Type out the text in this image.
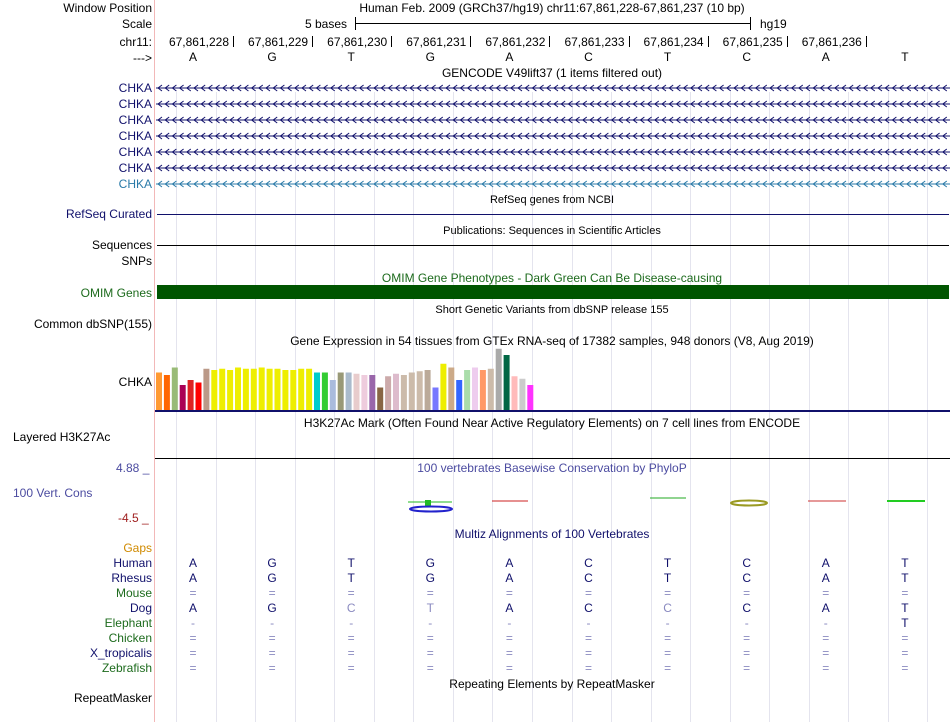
Window Position	Human Feb. 2009 (GRCh37/hg19) chr11:67,861,228-67,861,237 (10 bp)
Scale	5 bases	hg19
chr11: 67,861,228 67,861,229 67,861,230 67,861,231 67,861,232 67,861,233 67,861,234 67,861,235 67,861,236
--->	A	G	T	G	A	C	T	C	A	T
GENCODE V49lift37 (1 items filtered out)
CHKA
CHKA
CHKA
CHKA
CHKA
CHKA
CHKA
RefSeq genes from NCBI
RefSeq Curated
Publications: Sequences in Scientific Articles
Sequences
SNPs
OMIM Gene Phenotypes - Dark Green Can Be Disease-causing
OMIM Genes
Short Genetic Variants from dbSNP release 155
Common dbSNP(155)
Gene Expression in 54 tissues from GTEx RNA-seq of 17382 samples, 948 donors (V8, Aug 2019)
CHKA
H3K27Ac Mark (Often Found Near Active Regulatory Elements) on 7 cell lines from ENCODE
Layered H3K27Ac
100 vertebrates Basewise Conservation by PhyloP
4.88 _
100 Vert. Cons
-4.5 _
Multiz Alignments of 100 Vertebrates
Gaps
Human	A	G	T	G	A	C	T	C	A	T
Rhesus	A	G	T	G	A	C	T	C	A	T
Mouse	=	=	=	=	=	=	=	=	=	=
Dog	A	G	C	T	A	C	C	C	A	T
Elephant	-	-	-	-	-	-	-	-	-	T
Chicken	=	=	=	=	=	=	=	=	=	=
X_tropicalis	=	=	=	=	=	=	=	=	=	=
Zebrafish	=	=	=	=	=	=	=	=	=	=
Repeating Elements by RepeatMasker
RepeatMasker
